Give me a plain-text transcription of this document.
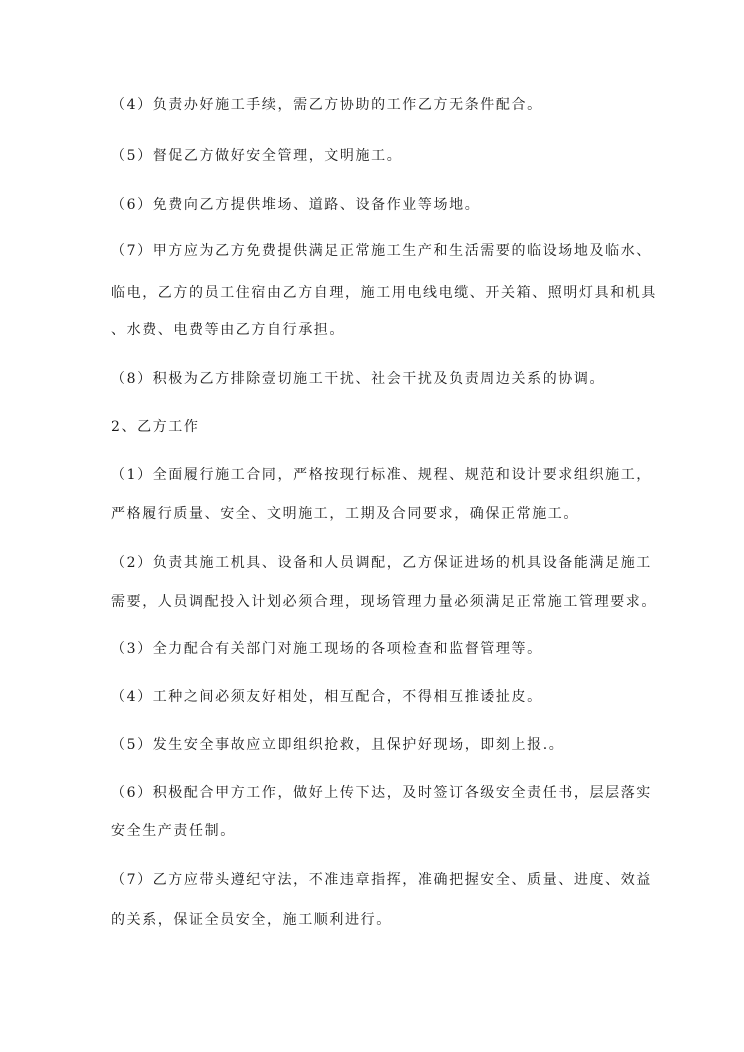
（4）负责办好施工手续，需乙方协助的工作乙方无条件配合。
（5）督促乙方做好安全管理，文明施工。
（6）免费向乙方提供堆场、道路、设备作业等场地。
（7）甲方应为乙方免费提供满足正常施工生产和生活需要的临设场地及临水、
临电，乙方的员工住宿由乙方自理，施工用电线电缆、开关箱、照明灯具和机具
、水费、电费等由乙方自行承担。
（8）积极为乙方排除壹切施工干扰、社会干扰及负责周边关系的协调。
2、乙方工作
（1）全面履行施工合同，严格按现行标准、规程、规范和设计要求组织施工，
严格履行质量、安全、文明施工，工期及合同要求，确保正常施工。
（2）负责其施工机具、设备和人员调配，乙方保证进场的机具设备能满足施工
需要，人员调配投入计划必须合理，现场管理力量必须满足正常施工管理要求。
（3）全力配合有关部门对施工现场的各项检查和监督管理等。
（4）工种之间必须友好相处，相互配合，不得相互推诿扯皮。
（5）发生安全事故应立即组织抢救，且保护好现场，即刻上报.。
（6）积极配合甲方工作，做好上传下达，及时签订各级安全责任书，层层落实
安全生产责任制。
（7）乙方应带头遵纪守法，不准违章指挥，准确把握安全、质量、进度、效益
的关系，保证全员安全，施工顺利进行。
